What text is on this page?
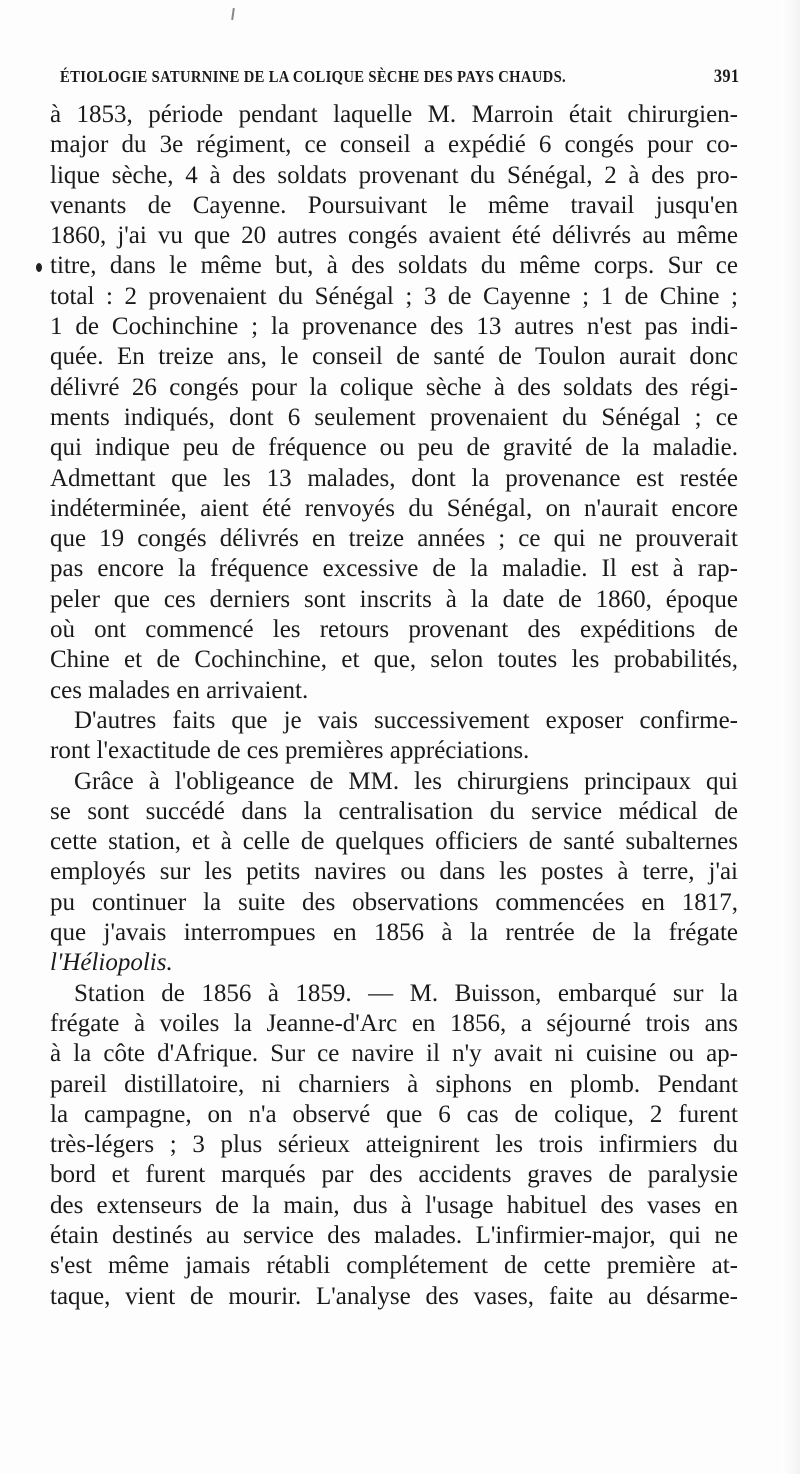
ÉTIOLOGIE SATURNINE DE LA COLIQUE SÈCHE DES PAYS CHAUDS.	391

à 1853, période pendant laquelle M. Marroin était chirurgien-
major du 3e régiment, ce conseil a expédié 6 congés pour co-
lique sèche, 4 à des soldats provenant du Sénégal, 2 à des pro-
venants de Cayenne. Poursuivant le même travail jusqu'en
1860, j'ai vu que 20 autres congés avaient été délivrés au même
titre, dans le même but, à des soldats du même corps. Sur ce
total : 2 provenaient du Sénégal ; 3 de Cayenne ; 1 de Chine ;
1 de Cochinchine ; la provenance des 13 autres n'est pas indi-
quée. En treize ans, le conseil de santé de Toulon aurait donc
délivré 26 congés pour la colique sèche à des soldats des régi-
ments indiqués, dont 6 seulement provenaient du Sénégal ; ce
qui indique peu de fréquence ou peu de gravité de la maladie.
Admettant que les 13 malades, dont la provenance est restée
indéterminée, aient été renvoyés du Sénégal, on n'aurait encore
que 19 congés délivrés en treize années ; ce qui ne prouverait
pas encore la fréquence excessive de la maladie. Il est à rap-
peler que ces derniers sont inscrits à la date de 1860, époque
où ont commencé les retours provenant des expéditions de
Chine et de Cochinchine, et que, selon toutes les probabilités,
ces malades en arrivaient.

D'autres faits que je vais successivement exposer confirme-
ront l'exactitude de ces premières appréciations.

Grâce à l'obligeance de MM. les chirurgiens principaux qui
se sont succédé dans la centralisation du service médical de
cette station, et à celle de quelques officiers de santé subalternes
employés sur les petits navires ou dans les postes à terre, j'ai
pu continuer la suite des observations commencées en 1817,
que j'avais interrompues en 1856 à la rentrée de la frégate
l'Héliopolis.

Station de 1856 à 1859. — M. Buisson, embarqué sur la
frégate à voiles la Jeanne-d'Arc en 1856, a séjourné trois ans
à la côte d'Afrique. Sur ce navire il n'y avait ni cuisine ou ap-
pareil distillatoire, ni charniers à siphons en plomb. Pendant
la campagne, on n'a observé que 6 cas de colique, 2 furent
très-légers ; 3 plus sérieux atteignirent les trois infirmiers du
bord et furent marqués par des accidents graves de paralysie
des extenseurs de la main, dus à l'usage habituel des vases en
étain destinés au service des malades. L'infirmier-major, qui ne
s'est même jamais rétabli complétement de cette première at-
taque, vient de mourir. L'analyse des vases, faite au désarme-
